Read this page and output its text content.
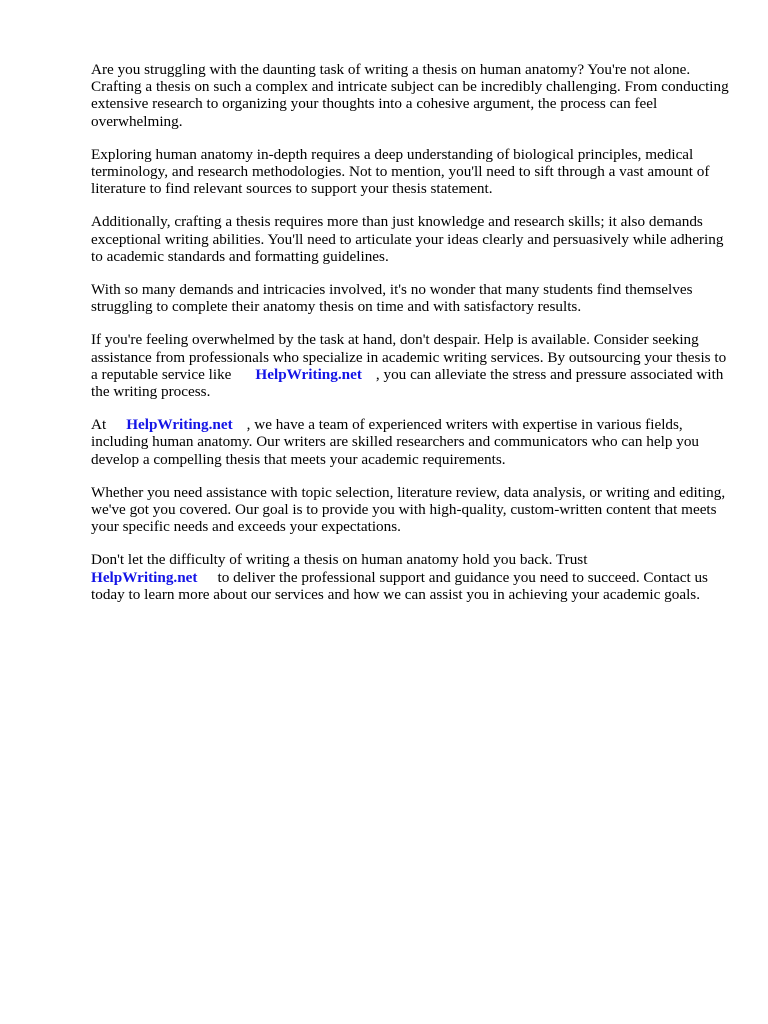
Are you struggling with the daunting task of writing a thesis on human anatomy? You're not alone. Crafting a thesis on such a complex and intricate subject can be incredibly challenging. From conducting extensive research to organizing your thoughts into a cohesive argument, the process can feel overwhelming.

Exploring human anatomy in-depth requires a deep understanding of biological principles, medical terminology, and research methodologies. Not to mention, you'll need to sift through a vast amount of literature to find relevant sources to support your thesis statement.

Additionally, crafting a thesis requires more than just knowledge and research skills; it also demands exceptional writing abilities. You'll need to articulate your ideas clearly and persuasively while adhering to academic standards and formatting guidelines.

With so many demands and intricacies involved, it's no wonder that many students find themselves struggling to complete their anatomy thesis on time and with satisfactory results.

If you're feeling overwhelmed by the task at hand, don't despair. Help is available. Consider seeking assistance from professionals who specialize in academic writing services. By outsourcing your thesis to a reputable service like HelpWriting.net , you can alleviate the stress and pressure associated with the writing process.

At HelpWriting.net , we have a team of experienced writers with expertise in various fields, including human anatomy. Our writers are skilled researchers and communicators who can help you develop a compelling thesis that meets your academic requirements.

Whether you need assistance with topic selection, literature review, data analysis, or writing and editing, we've got you covered. Our goal is to provide you with high-quality, custom-written content that meets your specific needs and exceeds your expectations.

Don't let the difficulty of writing a thesis on human anatomy hold you back. Trust
HelpWriting.net to deliver the professional support and guidance you need to succeed. Contact us today to learn more about our services and how we can assist you in achieving your academic goals.
